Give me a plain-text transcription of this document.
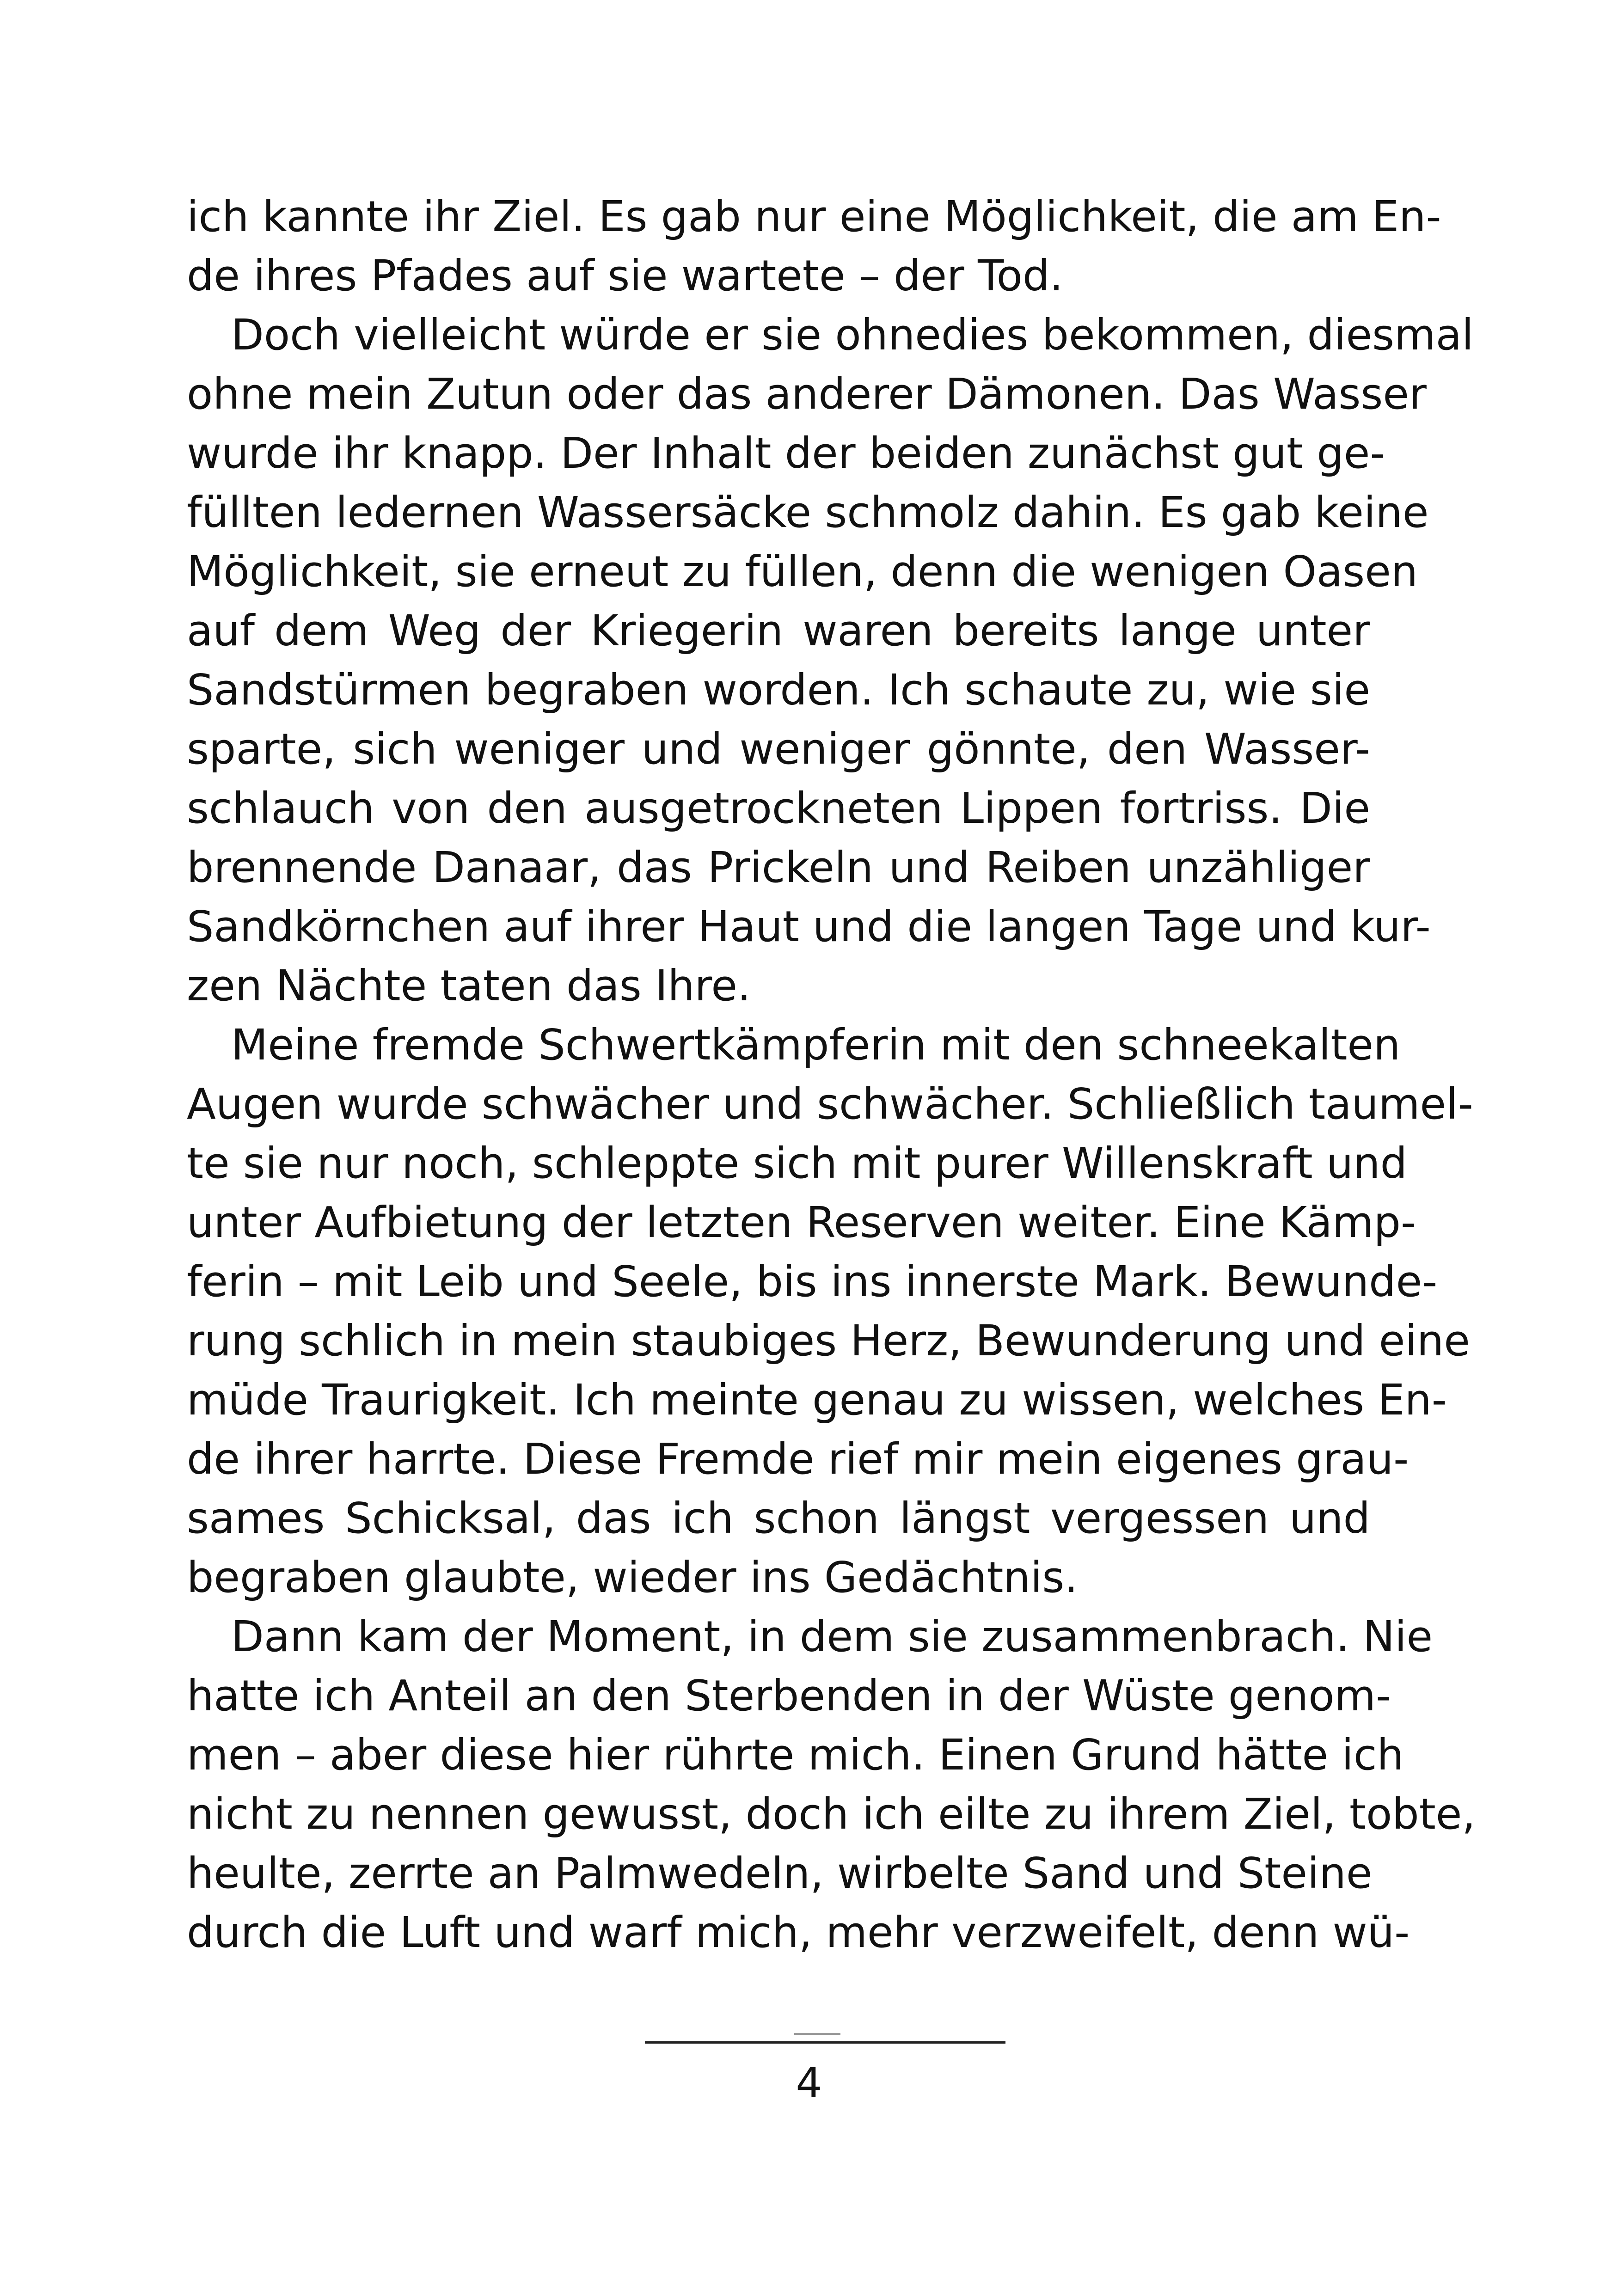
ich kannte ihr Ziel. Es gab nur eine Möglichkeit, die am En-
de ihres Pfades auf sie wartete – der Tod.
Doch vielleicht würde er sie ohnedies bekommen, diesmal
ohne mein Zutun oder das anderer Dämonen. Das Wasser
wurde ihr knapp. Der Inhalt der beiden zunächst gut ge-
füllten ledernen Wassersäcke schmolz dahin. Es gab keine
Möglichkeit, sie erneut zu füllen, denn die wenigen Oasen
auf dem Weg der Kriegerin waren bereits lange unter
Sandstürmen begraben worden. Ich schaute zu, wie sie
sparte, sich weniger und weniger gönnte, den Wasser-
schlauch von den ausgetrockneten Lippen fortriss. Die
brennende Danaar, das Prickeln und Reiben unzähliger
Sandkörnchen auf ihrer Haut und die langen Tage und kur-
zen Nächte taten das Ihre.
Meine fremde Schwertkämpferin mit den schneekalten
Augen wurde schwächer und schwächer. Schließlich taumel-
te sie nur noch, schleppte sich mit purer Willenskraft und
unter Aufbietung der letzten Reserven weiter. Eine Kämp-
ferin – mit Leib und Seele, bis ins innerste Mark. Bewunde-
rung schlich in mein staubiges Herz, Bewunderung und eine
müde Traurigkeit. Ich meinte genau zu wissen, welches En-
de ihrer harrte. Diese Fremde rief mir mein eigenes grau-
sames Schicksal, das ich schon längst vergessen und
begraben glaubte, wieder ins Gedächtnis.
Dann kam der Moment, in dem sie zusammenbrach. Nie
hatte ich Anteil an den Sterbenden in der Wüste genom-
men – aber diese hier rührte mich. Einen Grund hätte ich
nicht zu nennen gewusst, doch ich eilte zu ihrem Ziel, tobte,
heulte, zerrte an Palmwedeln, wirbelte Sand und Steine
durch die Luft und warf mich, mehr verzweifelt, denn wü-
4
